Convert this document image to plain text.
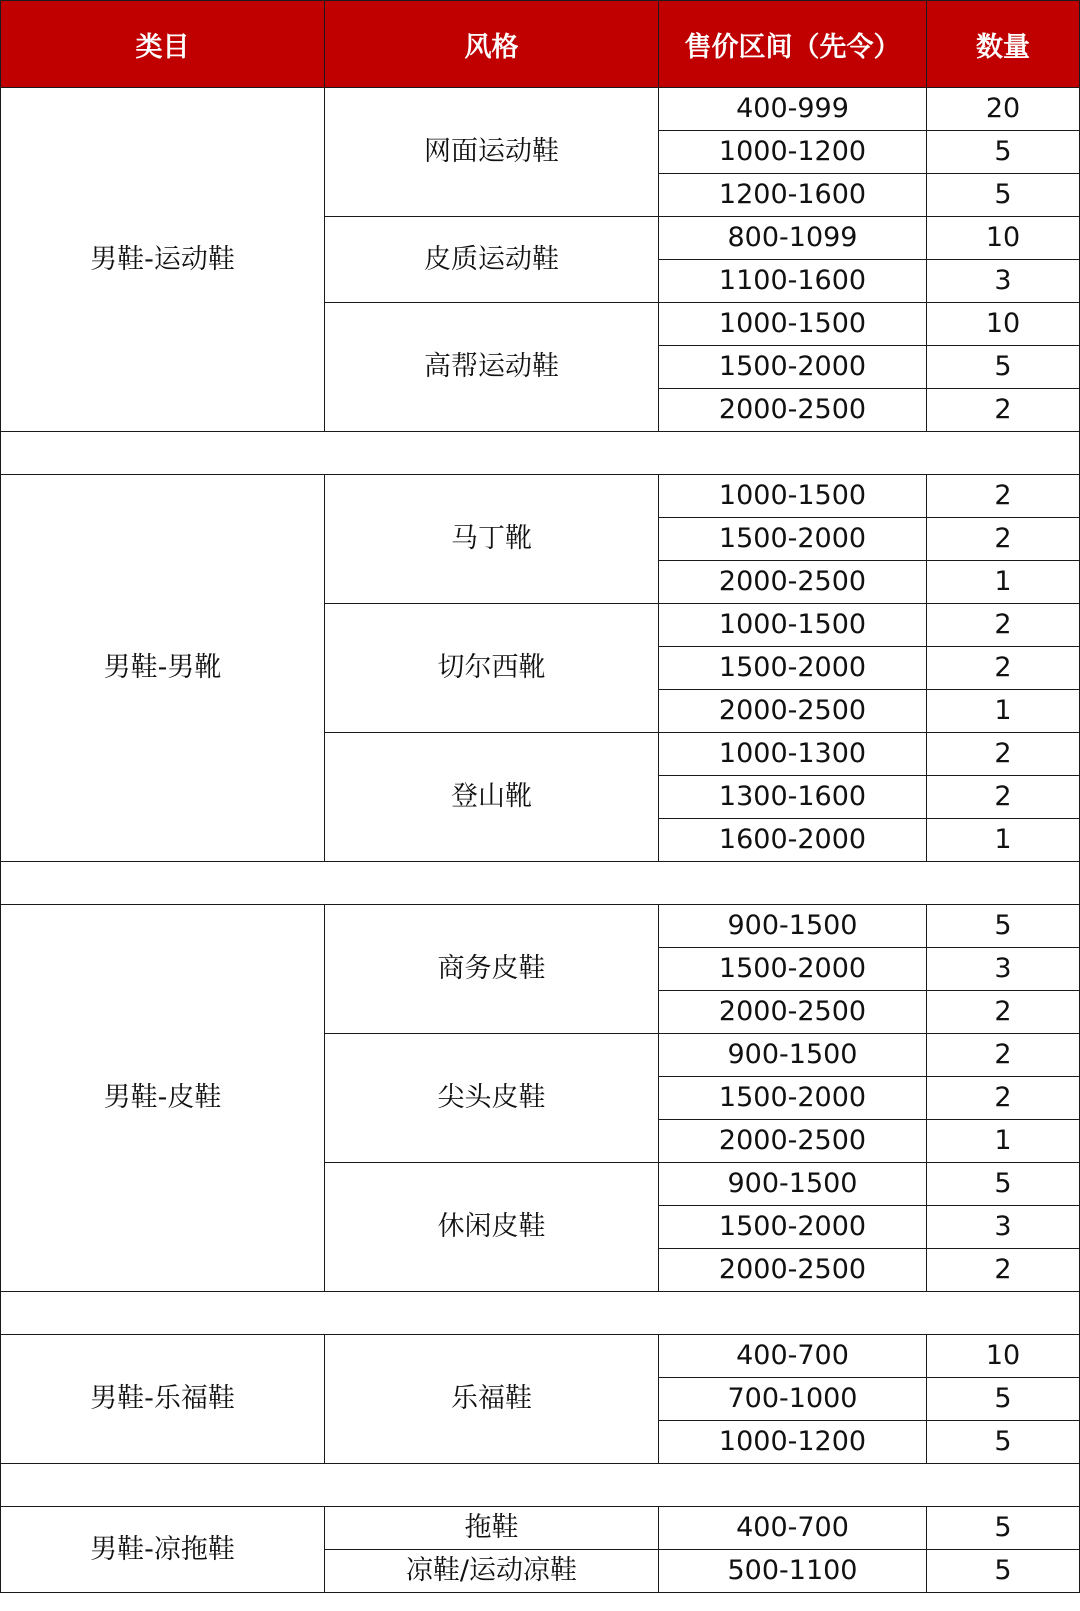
类目	风格	售价区间（先令）	数量
男鞋-运动鞋	网面运动鞋	400-999	20
		1000-1200	5
		1200-1600	5
	皮质运动鞋	800-1099	10
		1100-1600	3
	高帮运动鞋	1000-1500	10
		1500-2000	5
		2000-2500	2

男鞋-男靴	马丁靴	1000-1500	2
		1500-2000	2
		2000-2500	1
	切尔西靴	1000-1500	2
		1500-2000	2
		2000-2500	1
	登山靴	1000-1300	2
		1300-1600	2
		1600-2000	1

男鞋-皮鞋	商务皮鞋	900-1500	5
		1500-2000	3
		2000-2500	2
	尖头皮鞋	900-1500	2
		1500-2000	2
		2000-2500	1
	休闲皮鞋	900-1500	5
		1500-2000	3
		2000-2500	2

男鞋-乐福鞋	乐福鞋	400-700	10
		700-1000	5
		1000-1200	5

男鞋-凉拖鞋	拖鞋	400-700	5
	凉鞋/运动凉鞋	500-1100	5
